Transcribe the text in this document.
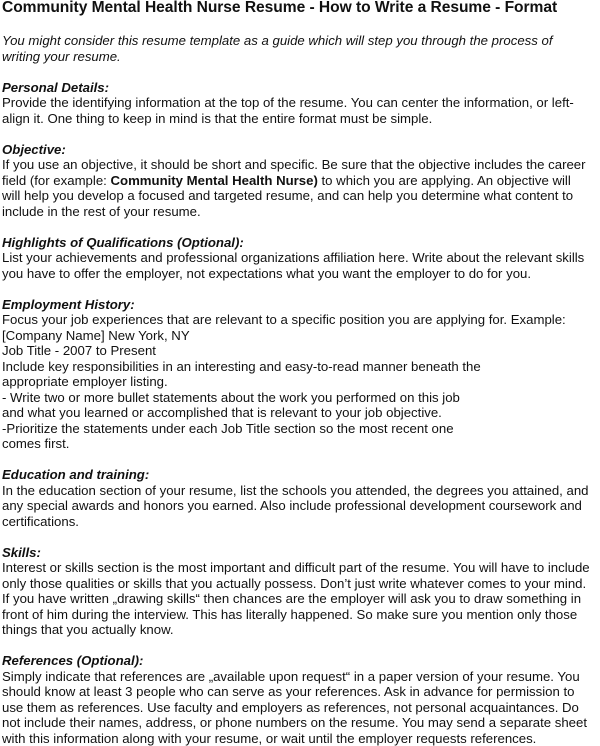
Community Mental Health Nurse Resume - How to Write a Resume - Format
You might consider this resume template as a guide which will step you through the process of
writing your resume.
Personal Details:
Provide the identifying information at the top of the resume. You can center the information, or left-
align it. One thing to keep in mind is that the entire format must be simple.
Objective:
If you use an objective, it should be short and specific. Be sure that the objective includes the career
field (for example: Community Mental Health Nurse) to which you are applying. An objective will
will help you develop a focused and targeted resume, and can help you determine what content to
include in the rest of your resume.
Highlights of Qualifications (Optional):
List your achievements and professional organizations affiliation here. Write about the relevant skills
you have to offer the employer, not expectations what you want the employer to do for you.
Employment History:
Focus your job experiences that are relevant to a specific position you are applying for. Example:
[Company Name] New York, NY
Job Title - 2007 to Present
Include key responsibilities in an interesting and easy-to-read manner beneath the
appropriate employer listing.
- Write two or more bullet statements about the work you performed on this job
and what you learned or accomplished that is relevant to your job objective.
-Prioritize the statements under each Job Title section so the most recent one
comes first.
Education and training:
In the education section of your resume, list the schools you attended, the degrees you attained, and
any special awards and honors you earned. Also include professional development coursework and
certifications.
Skills:
Interest or skills section is the most important and difficult part of the resume. You will have to include
only those qualities or skills that you actually possess. Don’t just write whatever comes to your mind.
If you have written „drawing skills“ then chances are the employer will ask you to draw something in
front of him during the interview. This has literally happened. So make sure you mention only those
things that you actually know.
References (Optional):
Simply indicate that references are „available upon request“ in a paper version of your resume. You
should know at least 3 people who can serve as your references. Ask in advance for permission to
use them as references. Use faculty and employers as references, not personal acquaintances. Do
not include their names, address, or phone numbers on the resume. You may send a separate sheet
with this information along with your resume, or wait until the employer requests references.
